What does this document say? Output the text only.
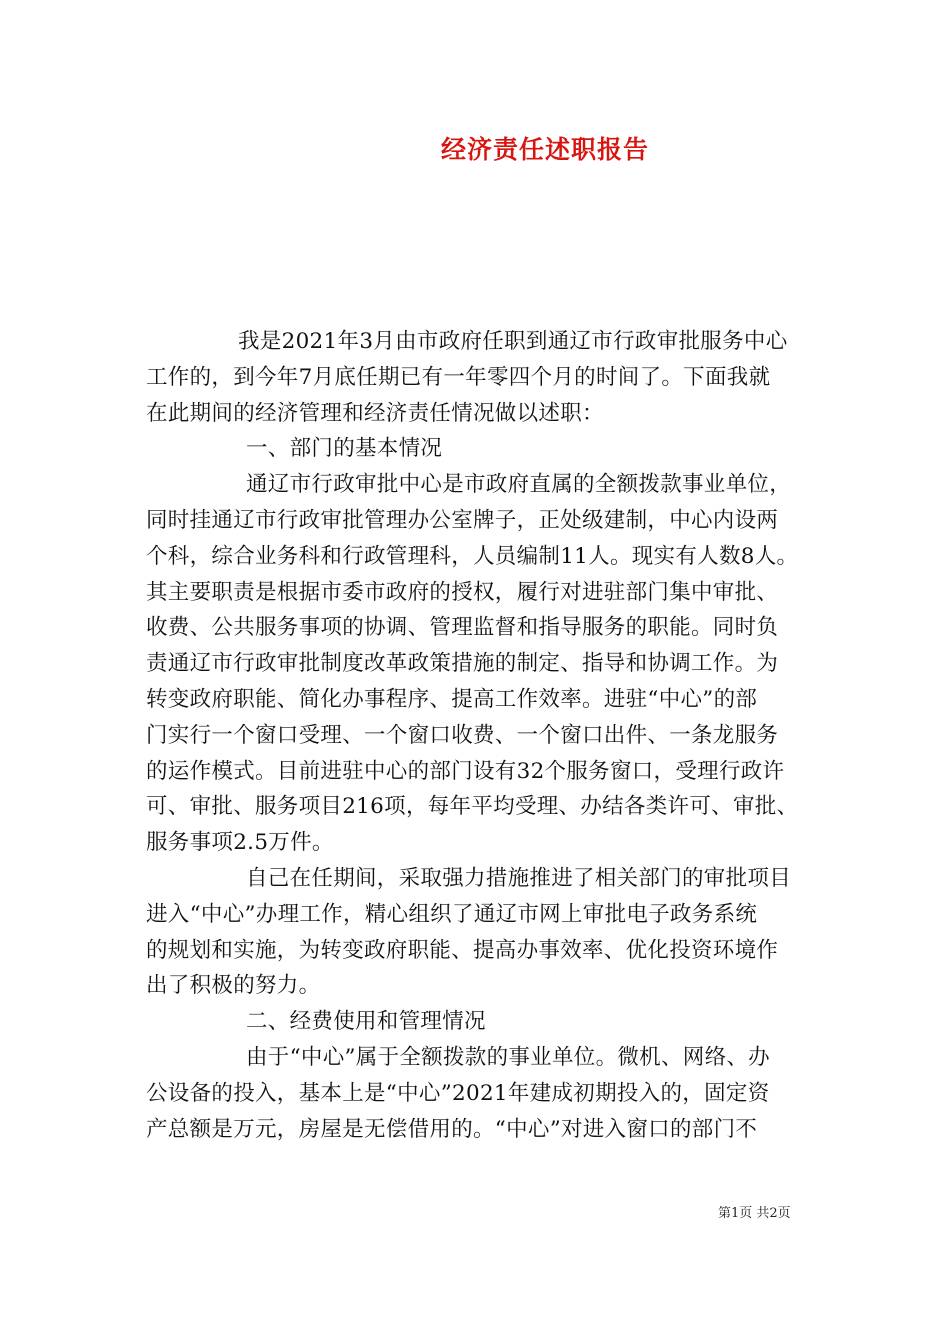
经济责任述职报告
我是2021年3月由市政府任职到通辽市行政审批服务中心
工作的，到今年7月底任期已有一年零四个月的时间了。下面我就
在此期间的经济管理和经济责任情况做以述职：
一、部门的基本情况
通辽市行政审批中心是市政府直属的全额拨款事业单位，
同时挂通辽市行政审批管理办公室牌子，正处级建制，中心内设两
个科，综合业务科和行政管理科，人员编制11人。现实有人数8人。
其主要职责是根据市委市政府的授权，履行对进驻部门集中审批、
收费、公共服务事项的协调、管理监督和指导服务的职能。同时负
责通辽市行政审批制度改革政策措施的制定、指导和协调工作。为
转变政府职能、简化办事程序、提高工作效率。进驻“中心”的部
门实行一个窗口受理、一个窗口收费、一个窗口出件、一条龙服务
的运作模式。目前进驻中心的部门设有32个服务窗口，受理行政许
可、审批、服务项目216项，每年平均受理、办结各类许可、审批、
服务事项2.5万件。
自己在任期间，采取强力措施推进了相关部门的审批项目
进入“中心”办理工作，精心组织了通辽市网上审批电子政务系统
的规划和实施，为转变政府职能、提高办事效率、优化投资环境作
出了积极的努力。
二、经费使用和管理情况
由于“中心”属于全额拨款的事业单位。微机、网络、办
公设备的投入，基本上是“中心”2021年建成初期投入的，固定资
产总额是万元，房屋是无偿借用的。“中心”对进入窗口的部门不
第1页 共2页
